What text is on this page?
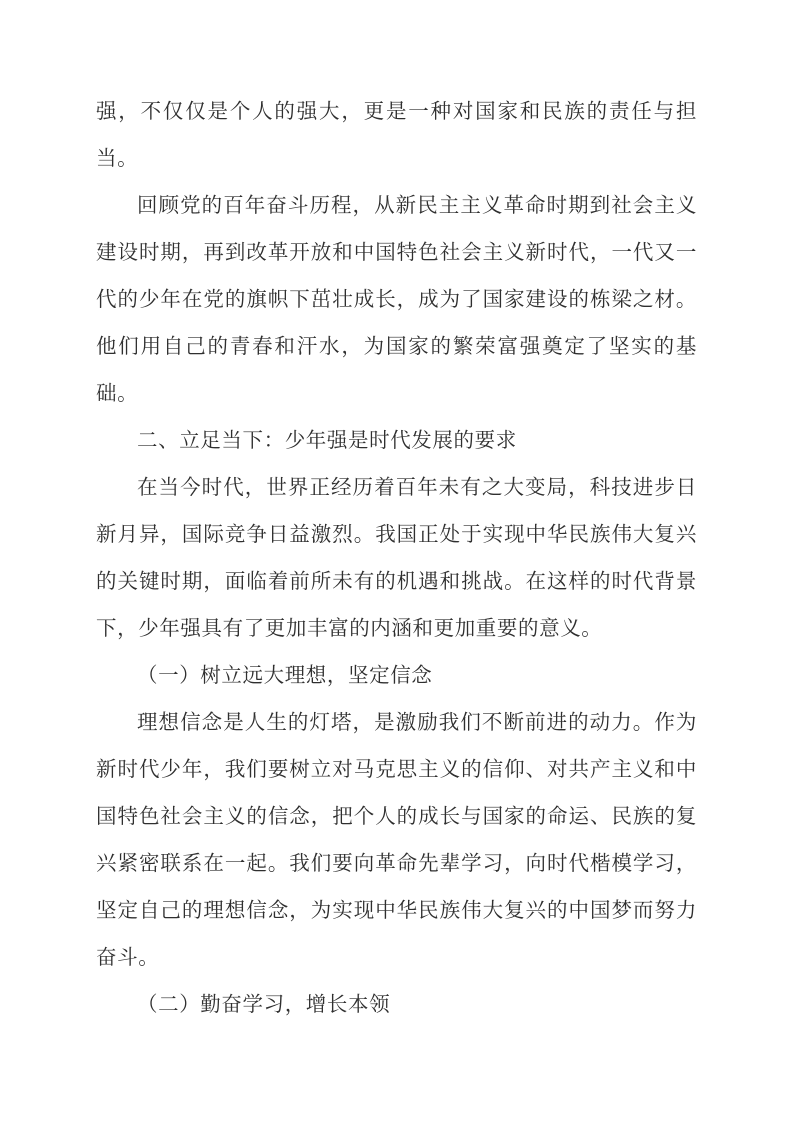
强，不仅仅是个人的强大，更是一种对国家和民族的责任与担当。

回顾党的百年奋斗历程，从新民主主义革命时期到社会主义建设时期，再到改革开放和中国特色社会主义新时代，一代又一代的少年在党的旗帜下茁壮成长，成为了国家建设的栋梁之材。他们用自己的青春和汗水，为国家的繁荣富强奠定了坚实的基础。

二、立足当下：少年强是时代发展的要求

在当今时代，世界正经历着百年未有之大变局，科技进步日新月异，国际竞争日益激烈。我国正处于实现中华民族伟大复兴的关键时期，面临着前所未有的机遇和挑战。在这样的时代背景下，少年强具有了更加丰富的内涵和更加重要的意义。

（一）树立远大理想，坚定信念

理想信念是人生的灯塔，是激励我们不断前进的动力。作为新时代少年，我们要树立对马克思主义的信仰、对共产主义和中国特色社会主义的信念，把个人的成长与国家的命运、民族的复兴紧密联系在一起。我们要向革命先辈学习，向时代楷模学习，坚定自己的理想信念，为实现中华民族伟大复兴的中国梦而努力奋斗。

（二）勤奋学习，增长本领
